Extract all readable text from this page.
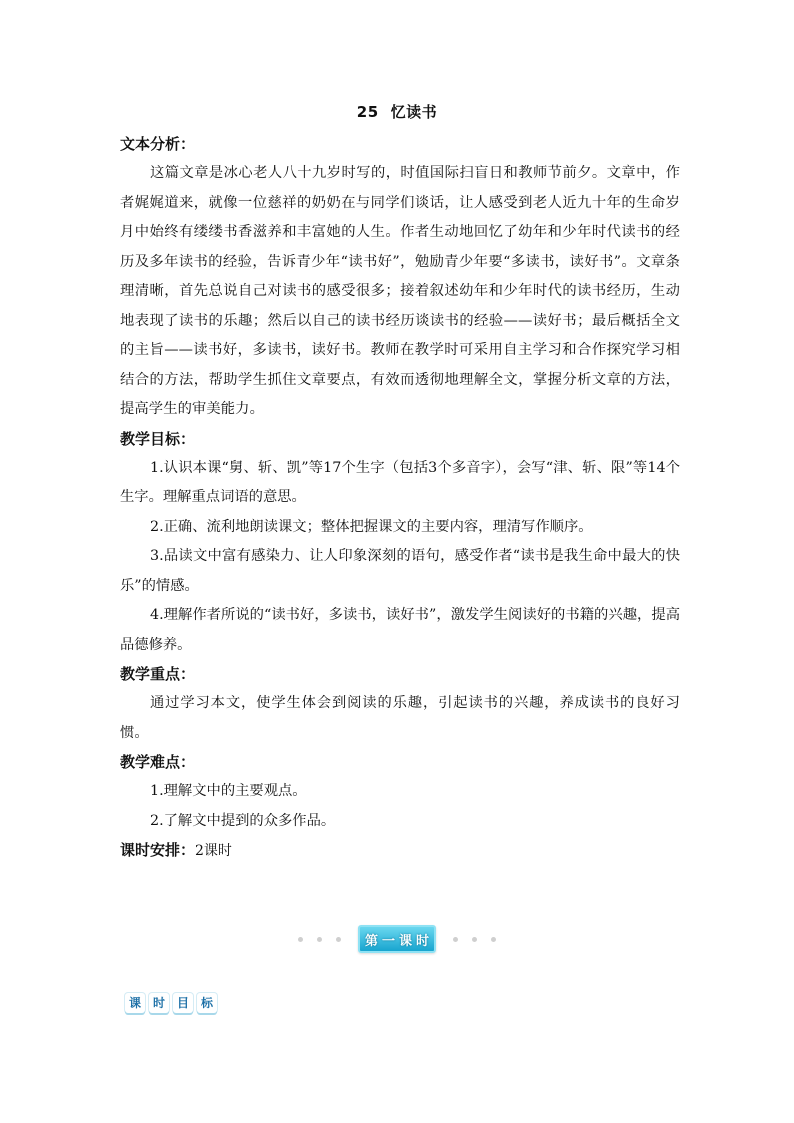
25 忆读书
文本分析：
这篇文章是冰心老人八十九岁时写的，时值国际扫盲日和教师节前夕。文章中，作者娓娓道来，就像一位慈祥的奶奶在与同学们谈话，让人感受到老人近九十年的生命岁月中始终有缕缕书香滋养和丰富她的人生。作者生动地回忆了幼年和少年时代读书的经历及多年读书的经验，告诉青少年“读书好”，勉励青少年要“多读书，读好书”。文章条理清晰，首先总说自己对读书的感受很多；接着叙述幼年和少年时代的读书经历，生动地表现了读书的乐趣；然后以自己的读书经历谈读书的经验——读好书；最后概括全文的主旨——读书好，多读书，读好书。教师在教学时可采用自主学习和合作探究学习相结合的方法，帮助学生抓住文章要点，有效而透彻地理解全文，掌握分析文章的方法，提高学生的审美能力。
教学目标：
1.认识本课“舅、斩、凯”等17个生字（包括3个多音字），会写“津、斩、限”等14个生字。理解重点词语的意思。
2.正确、流利地朗读课文；整体把握课文的主要内容，理清写作顺序。
3.品读文中富有感染力、让人印象深刻的语句，感受作者“读书是我生命中最大的快乐”的情感。
4.理解作者所说的“读书好，多读书，读好书”，激发学生阅读好的书籍的兴趣，提高品德修养。
教学重点：
通过学习本文，使学生体会到阅读的乐趣，引起读书的兴趣，养成读书的良好习惯。
教学难点：
1.理解文中的主要观点。
2.了解文中提到的众多作品。
课时安排：2课时
第 一 课 时
课 时 目 标
